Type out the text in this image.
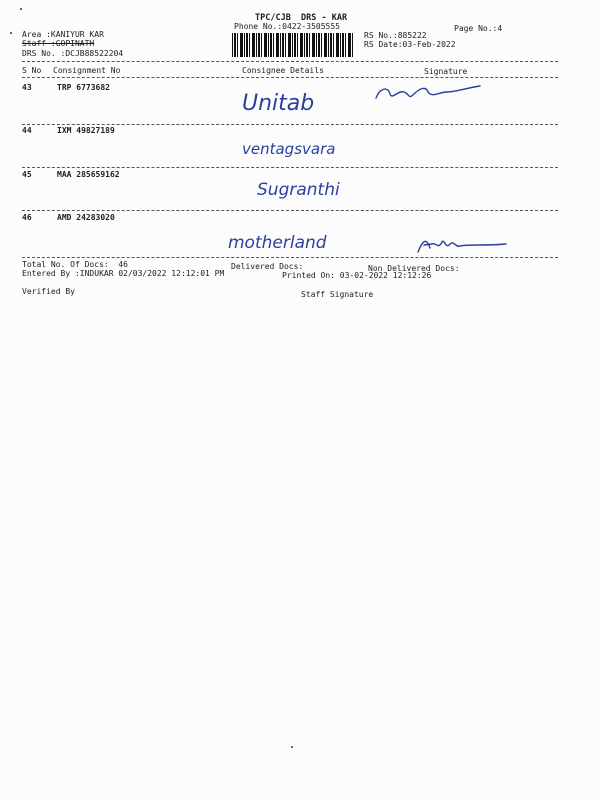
TPC/CJB  DRS - KAR
Phone No.:0422-3505555	Page No.:4
Area :KANIYUR KAR
Staff :GOPINATH
DRS No. :DCJB88522204
RS No.:885222
RS Date:03-Feb-2022
S No Consignment No	Consignee Details	Signature
43	TRP 6773682
Unitab
44	IXM 49827189
ventagsvara
45	MAA 285659162
Sugranthi
46	AMD 24283020
motherland
Total No. Of Docs:  46	Delivered Docs:	Non Delivered Docs:
Entered By :INDUKAR 02/03/2022 12:12:01 PM	Printed On: 03-02-2022 12:12:26
Verified By	Staff Signature
